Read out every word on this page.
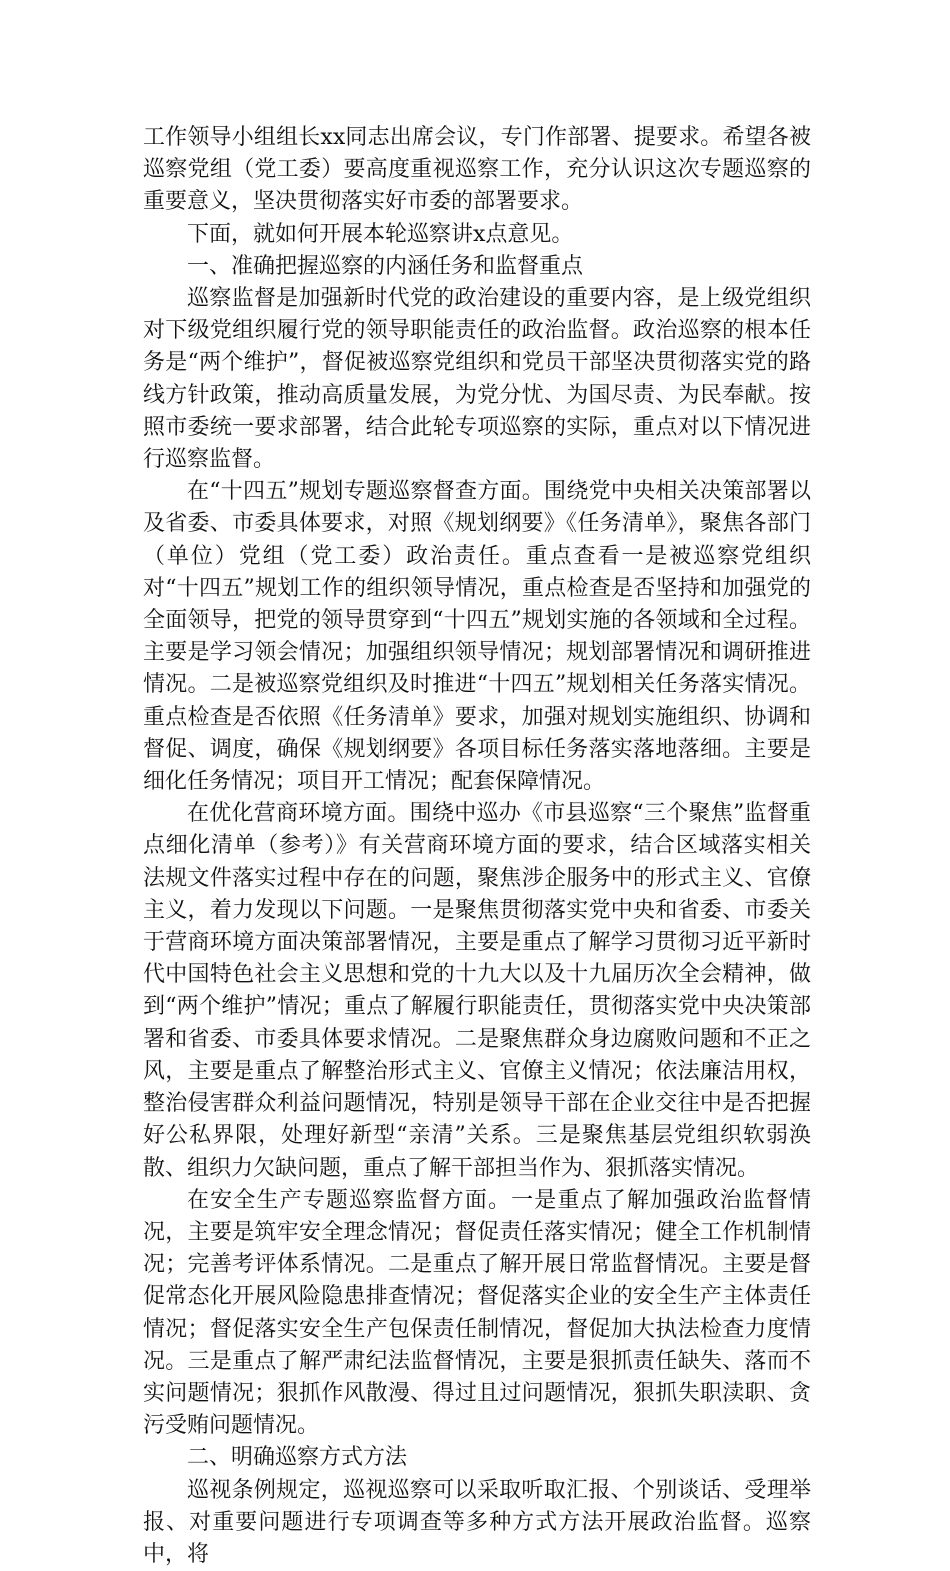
工作领导小组组长xx同志出席会议，专门作部署、提要求。希望各被巡察党组（党工委）要高度重视巡察工作，充分认识这次专题巡察的重要意义，坚决贯彻落实好市委的部署要求。

下面，就如何开展本轮巡察讲x点意见。

一、准确把握巡察的内涵任务和监督重点

巡察监督是加强新时代党的政治建设的重要内容，是上级党组织对下级党组织履行党的领导职能责任的政治监督。政治巡察的根本任务是“两个维护”，督促被巡察党组织和党员干部坚决贯彻落实党的路线方针政策，推动高质量发展，为党分忧、为国尽责、为民奉献。按照市委统一要求部署，结合此轮专项巡察的实际，重点对以下情况进行巡察监督。

在“十四五”规划专题巡察督查方面。围绕党中央相关决策部署以及省委、市委具体要求，对照《规划纲要》《任务清单》，聚焦各部门（单位）党组（党工委）政治责任。重点查看一是被巡察党组织对“十四五”规划工作的组织领导情况，重点检查是否坚持和加强党的全面领导，把党的领导贯穿到“十四五”规划实施的各领域和全过程。主要是学习领会情况；加强组织领导情况；规划部署情况和调研推进情况。二是被巡察党组织及时推进“十四五”规划相关任务落实情况。重点检查是否依照《任务清单》要求，加强对规划实施组织、协调和督促、调度，确保《规划纲要》各项目标任务落实落地落细。主要是细化任务情况；项目开工情况；配套保障情况。

在优化营商环境方面。围绕中巡办《市县巡察“三个聚焦”监督重点细化清单（参考）》有关营商环境方面的要求，结合区域落实相关法规文件落实过程中存在的问题，聚焦涉企服务中的形式主义、官僚主义，着力发现以下问题。一是聚焦贯彻落实党中央和省委、市委关于营商环境方面决策部署情况，主要是重点了解学习贯彻习近平新时代中国特色社会主义思想和党的十九大以及十九届历次全会精神，做到“两个维护”情况；重点了解履行职能责任，贯彻落实党中央决策部署和省委、市委具体要求情况。二是聚焦群众身边腐败问题和不正之风，主要是重点了解整治形式主义、官僚主义情况；依法廉洁用权，整治侵害群众利益问题情况，特别是领导干部在企业交往中是否把握好公私界限，处理好新型“亲清”关系。三是聚焦基层党组织软弱涣散、组织力欠缺问题，重点了解干部担当作为、狠抓落实情况。

在安全生产专题巡察监督方面。一是重点了解加强政治监督情况，主要是筑牢安全理念情况；督促责任落实情况；健全工作机制情况；完善考评体系情况。二是重点了解开展日常监督情况。主要是督促常态化开展风险隐患排查情况；督促落实企业的安全生产主体责任情况；督促落实安全生产包保责任制情况，督促加大执法检查力度情况。三是重点了解严肃纪法监督情况，主要是狠抓责任缺失、落而不实问题情况；狠抓作风散漫、得过且过问题情况，狠抓失职渎职、贪污受贿问题情况。

二、明确巡察方式方法

巡视条例规定，巡视巡察可以采取听取汇报、个别谈话、受理举报、对重要问题进行专项调查等多种方式方法开展政治监督。巡察中，将
